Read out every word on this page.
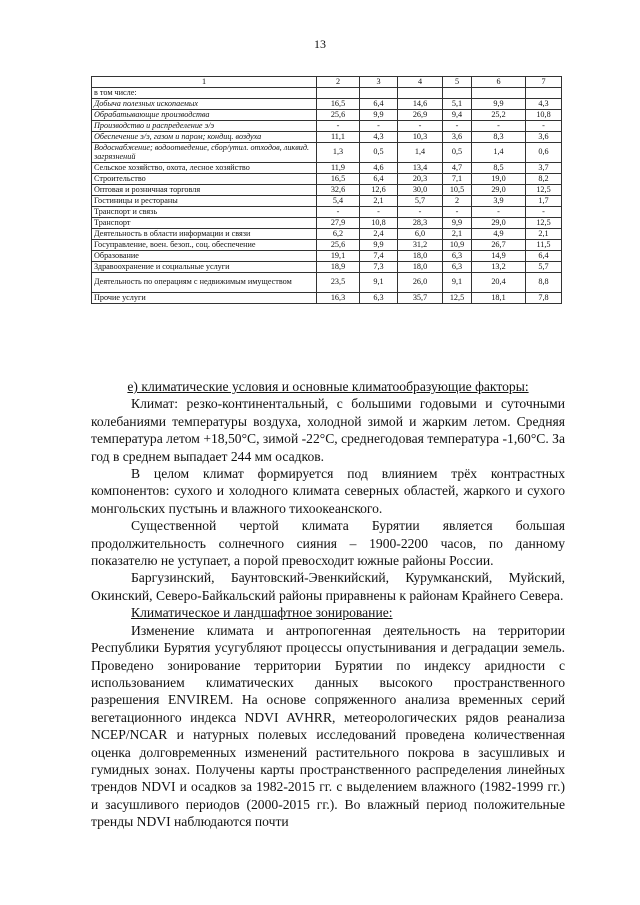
13
1	2	3	4	5	6	7
в том числе:						
Добыча полезных ископаемых	16,5	6,4	14,6	5,1	9,9	4,3
Обрабатывающие производства	25,6	9,9	26,9	9,4	25,2	10,8
Производство и распределение э/э	-	-	-	-	-	-
Обеспечение э/э, газом и паром; кондиц. воздуха	11,1	4,3	10,3	3,6	8,3	3,6
Водоснабжение; водоотведение, сбор/утил. отходов, ликвид. загрязнений	1,3	0,5	1,4	0,5	1,4	0,6
Сельское хозяйство, охота, лесное хозяйство	11,9	4,6	13,4	4,7	8,5	3,7
Строительство	16,5	6,4	20,3	7,1	19,0	8,2
Оптовая и розничная торговля	32,6	12,6	30,0	10,5	29,0	12,5
Гостиницы и рестораны	5,4	2,1	5,7	2	3,9	1,7
Транспорт и связь	-	-	-	-	-	-
Транспорт	27,9	10,8	28,3	9,9	29,0	12,5
Деятельность в области информации и связи	6,2	2,4	6,0	2,1	4,9	2,1
Госуправление, воен. безоп., соц. обеспечение	25,6	9,9	31,2	10,9	26,7	11,5
Образование	19,1	7,4	18,0	6,3	14,9	6,4
Здравоохранение и социальные услуги	18,9	7,3	18,0	6,3	13,2	5,7
Деятельность по операциям с недвижимым имуществом	23,5	9,1	26,0	9,1	20,4	8,8
Прочие услуги	16,3	6,3	35,7	12,5	18,1	7,8

е) климатические условия и основные климатообразующие факторы:

Климат: резко-континентальный, с большими годовыми и суточными колебаниями температуры воздуха, холодной зимой и жарким летом. Средняя температура летом +18,50°С, зимой -22°С, среднегодовая температура -1,60°С. За год в среднем выпадает 244 мм осадков.

В целом климат формируется под влиянием трёх контрастных компонентов: сухого и холодного климата северных областей, жаркого и сухого монгольских пустынь и влажного тихоокеанского.

Существенной чертой климата Бурятии является большая продолжительность солнечного сияния – 1900-2200 часов, по данному показателю не уступает, а порой превосходит южные районы России.

Баргузинский, Баунтовский-Эвенкийский, Курумканский, Муйский, Окинский, Северо-Байкальский районы приравнены к районам Крайнего Севера.

Климатическое и ландшафтное зонирование:

Изменение климата и антропогенная деятельность на территории Республики Бурятия усугубляют процессы опустынивания и деградации земель. Проведено зонирование территории Бурятии по индексу аридности с использованием климатических данных высокого пространственного разрешения ENVIREM. На основе сопряженного анализа временных серий вегетационного индекса NDVI AVHRR, метеорологических рядов реанализа NCEP/NCAR и натурных полевых исследований проведена количественная оценка долговременных изменений растительного покрова в засушливых и гумидных зонах. Получены карты пространственного распределения линейных трендов NDVI и осадков за 1982-2015 гг. с выделением влажного (1982-1999 гг.) и засушливого периодов (2000-2015 гг.). Во влажный период положительные тренды NDVI наблюдаются почти
